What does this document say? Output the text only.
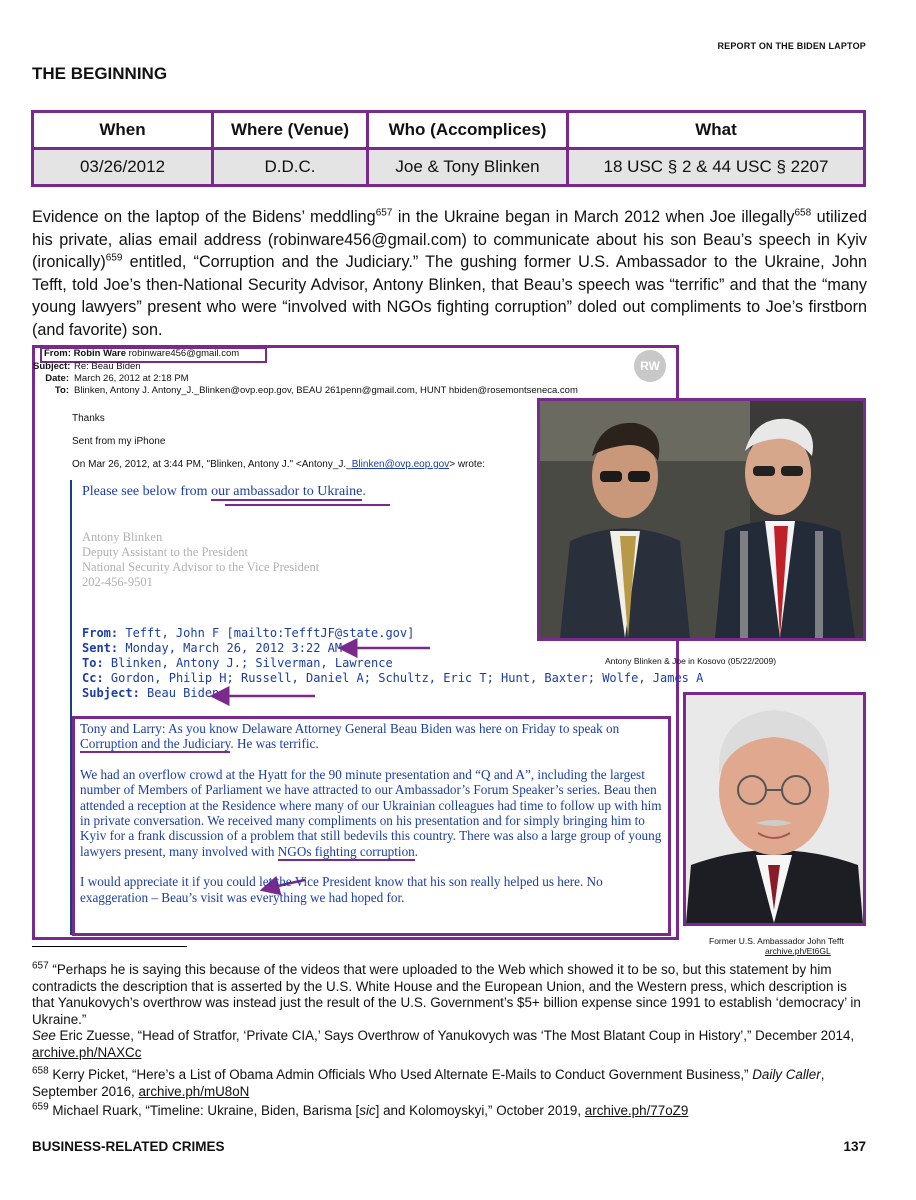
REPORT ON THE BIDEN LAPTOP
THE BEGINNING
When	Where (Venue)	Who (Accomplices)	What
03/26/2012	D.D.C.	Joe & Tony Blinken	18 USC § 2 & 44 USC § 2207
Evidence on the laptop of the Bidens’ meddling$^{657}$ in the Ukraine began in March 2012 when Joe illegally$^{658}$ utilized his private, alias email address (robinware456@gmail.com) to communicate about his son Beau’s speech in Kyiv (ironically)$^{659}$ entitled, “Corruption and the Judiciary.” The gushing former U.S. Ambassador to the Ukraine, John Tefft, told Joe’s then-National Security Advisor, Antony Blinken, that Beau’s speech was “terrific” and that the “many young lawyers” present who were “involved with NGOs fighting corruption” doled out compliments to Joe’s firstborn (and favorite) son.
From: Robin Ware robinware456@gmail.com
Subject: Re: Beau Biden
Date: March 26, 2012 at 2:18 PM
To: Blinken, Antony J. Antony_J._Blinken@ovp.eop.gov, BEAU 261penn@gmail.com, HUNT hbiden@rosemontseneca.com
RW
Thanks
Sent from my iPhone
On Mar 26, 2012, at 3:44 PM, "Blinken, Antony J." <Antony_J._Blinken@ovp.eop.gov> wrote:
Please see below from our ambassador to Ukraine.
Antony Blinken
Deputy Assistant to the President
National Security Advisor to the Vice President
202-456-9501
From: Tefft, John F [mailto:TefftJF@state.gov]
Sent: Monday, March 26, 2012 3:22 AM
To: Blinken, Antony J.; Silverman, Lawrence
Cc: Gordon, Philip H; Russell, Daniel A; Schultz, Eric T; Hunt, Baxter; Wolfe, James A
Subject: Beau Biden
Tony and Larry: As you know Delaware Attorney General Beau Biden was here on Friday to speak on Corruption and the Judiciary. He was terrific.
We had an overflow crowd at the Hyatt for the 90 minute presentation and “Q and A”, including the largest number of Members of Parliament we have attracted to our Ambassador’s Forum Speaker’s series. Beau then attended a reception at the Residence where many of our Ukrainian colleagues had time to follow up with him in private conversation. We received many compliments on his presentation and for simply bringing him to Kyiv for a frank discussion of a problem that still bedevils this country. There was also a large group of young lawyers present, many involved with NGOs fighting corruption.
I would appreciate it if you could let the Vice President know that his son really helped us here. No exaggeration – Beau’s visit was everything we had hoped for.
Antony Blinken & Joe in Kosovo (05/22/2009)
Former U.S. Ambassador John Tefft
archive.ph/Et6GL
$^{657}$ “Perhaps he is saying this because of the videos that were uploaded to the Web which showed it to be so, but this statement by him contradicts the description that is asserted by the U.S. White House and the European Union, and the Western press, which description is that Yanukovych’s overthrow was instead just the result of the U.S. Government’s $5+ billion expense since 1991 to establish ‘democracy’ in Ukraine.”
See Eric Zuesse, “Head of Stratfor, ‘Private CIA,’ Says Overthrow of Yanukovych was ‘The Most Blatant Coup in History’,” December 2014, archive.ph/NAXCc
$^{658}$ Kerry Picket, “Here’s a List of Obama Admin Officials Who Used Alternate E-Mails to Conduct Government Business,” Daily Caller, September 2016, archive.ph/mU8oN
$^{659}$ Michael Ruark, “Timeline: Ukraine, Biden, Barisma [sic] and Kolomoyskyi,” October 2019, archive.ph/77oZ9
BUSINESS-RELATED CRIMES	137
